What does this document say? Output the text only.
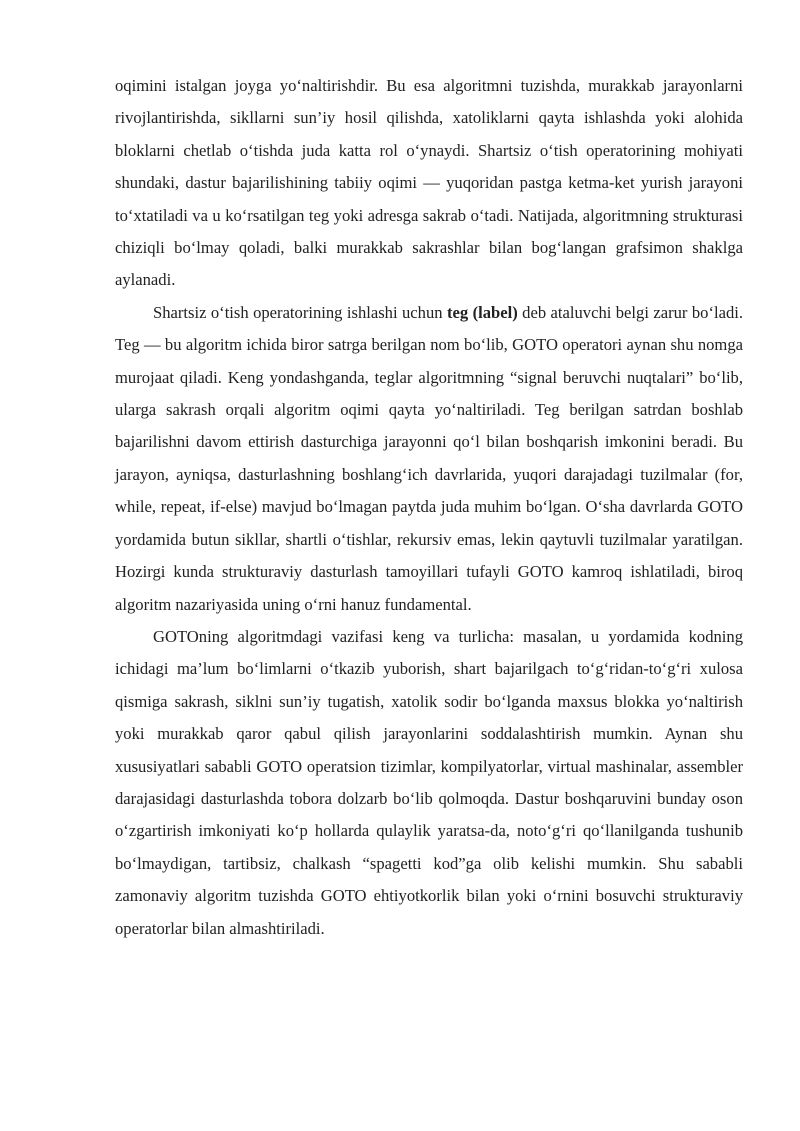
oqimini istalgan joyga yo‘naltirishdir. Bu esa algoritmni tuzishda, murakkab jarayonlarni rivojlantirishda, sikllarni sun’iy hosil qilishda, xatoliklarni qayta ishlashda yoki alohida bloklarni chetlab o‘tishda juda katta rol o‘ynaydi. Shartsiz o‘tish operatorining mohiyati shundaki, dastur bajarilishining tabiiy oqimi — yuqoridan pastga ketma-ket yurish jarayoni to‘xtatiladi va u ko‘rsatilgan teg yoki adresga sakrab o‘tadi. Natijada, algoritmning strukturasi chiziqli bo‘lmay qoladi, balki murakkab sakrashlar bilan bog‘langan grafsimon shaklga aylanadi.

Shartsiz o‘tish operatorining ishlashi uchun teg (label) deb ataluvchi belgi zarur bo‘ladi. Teg — bu algoritm ichida biror satrga berilgan nom bo‘lib, GOTO operatori aynan shu nomga murojaat qiladi. Keng yondashganda, teglar algoritmning “signal beruvchi nuqtalari” bo‘lib, ularga sakrash orqali algoritm oqimi qayta yo‘naltiriladi. Teg berilgan satrdan boshlab bajarilishni davom ettirish dasturchiga jarayonni qo‘l bilan boshqarish imkonini beradi. Bu jarayon, ayniqsa, dasturlashning boshlang‘ich davrlarida, yuqori darajadagi tuzilmalar (for, while, repeat, if-else) mavjud bo‘lmagan paytda juda muhim bo‘lgan. O‘sha davrlarda GOTO yordamida butun sikllar, shartli o‘tishlar, rekursiv emas, lekin qaytuvli tuzilmalar yaratilgan. Hozirgi kunda strukturaviy dasturlash tamoyillari tufayli GOTO kamroq ishlatiladi, biroq algoritm nazariyasida uning o‘rni hanuz fundamental.

GOTOning algoritmdagi vazifasi keng va turlicha: masalan, u yordamida kodning ichidagi ma’lum bo‘limlarni o‘tkazib yuborish, shart bajarilgach to‘g‘ridan-to‘g‘ri xulosa qismiga sakrash, siklni sun’iy tugatish, xatolik sodir bo‘lganda maxsus blokka yo‘naltirish yoki murakkab qaror qabul qilish jarayonlarini soddalashtirish mumkin. Aynan shu xususiyatlari sababli GOTO operatsion tizimlar, kompilyatorlar, virtual mashinalar, assembler darajasidagi dasturlashda tobora dolzarb bo‘lib qolmoqda. Dastur boshqaruvini bunday oson o‘zgartirish imkoniyati ko‘p hollarda qulaylik yaratsa-da, noto‘g‘ri qo‘llanilganda tushunib bo‘lmaydigan, tartibsiz, chalkash “spagetti kod”ga olib kelishi mumkin. Shu sababli zamonaviy algoritm tuzishda GOTO ehtiyotkorlik bilan yoki o‘rnini bosuvchi strukturaviy operatorlar bilan almashtiriladi.
